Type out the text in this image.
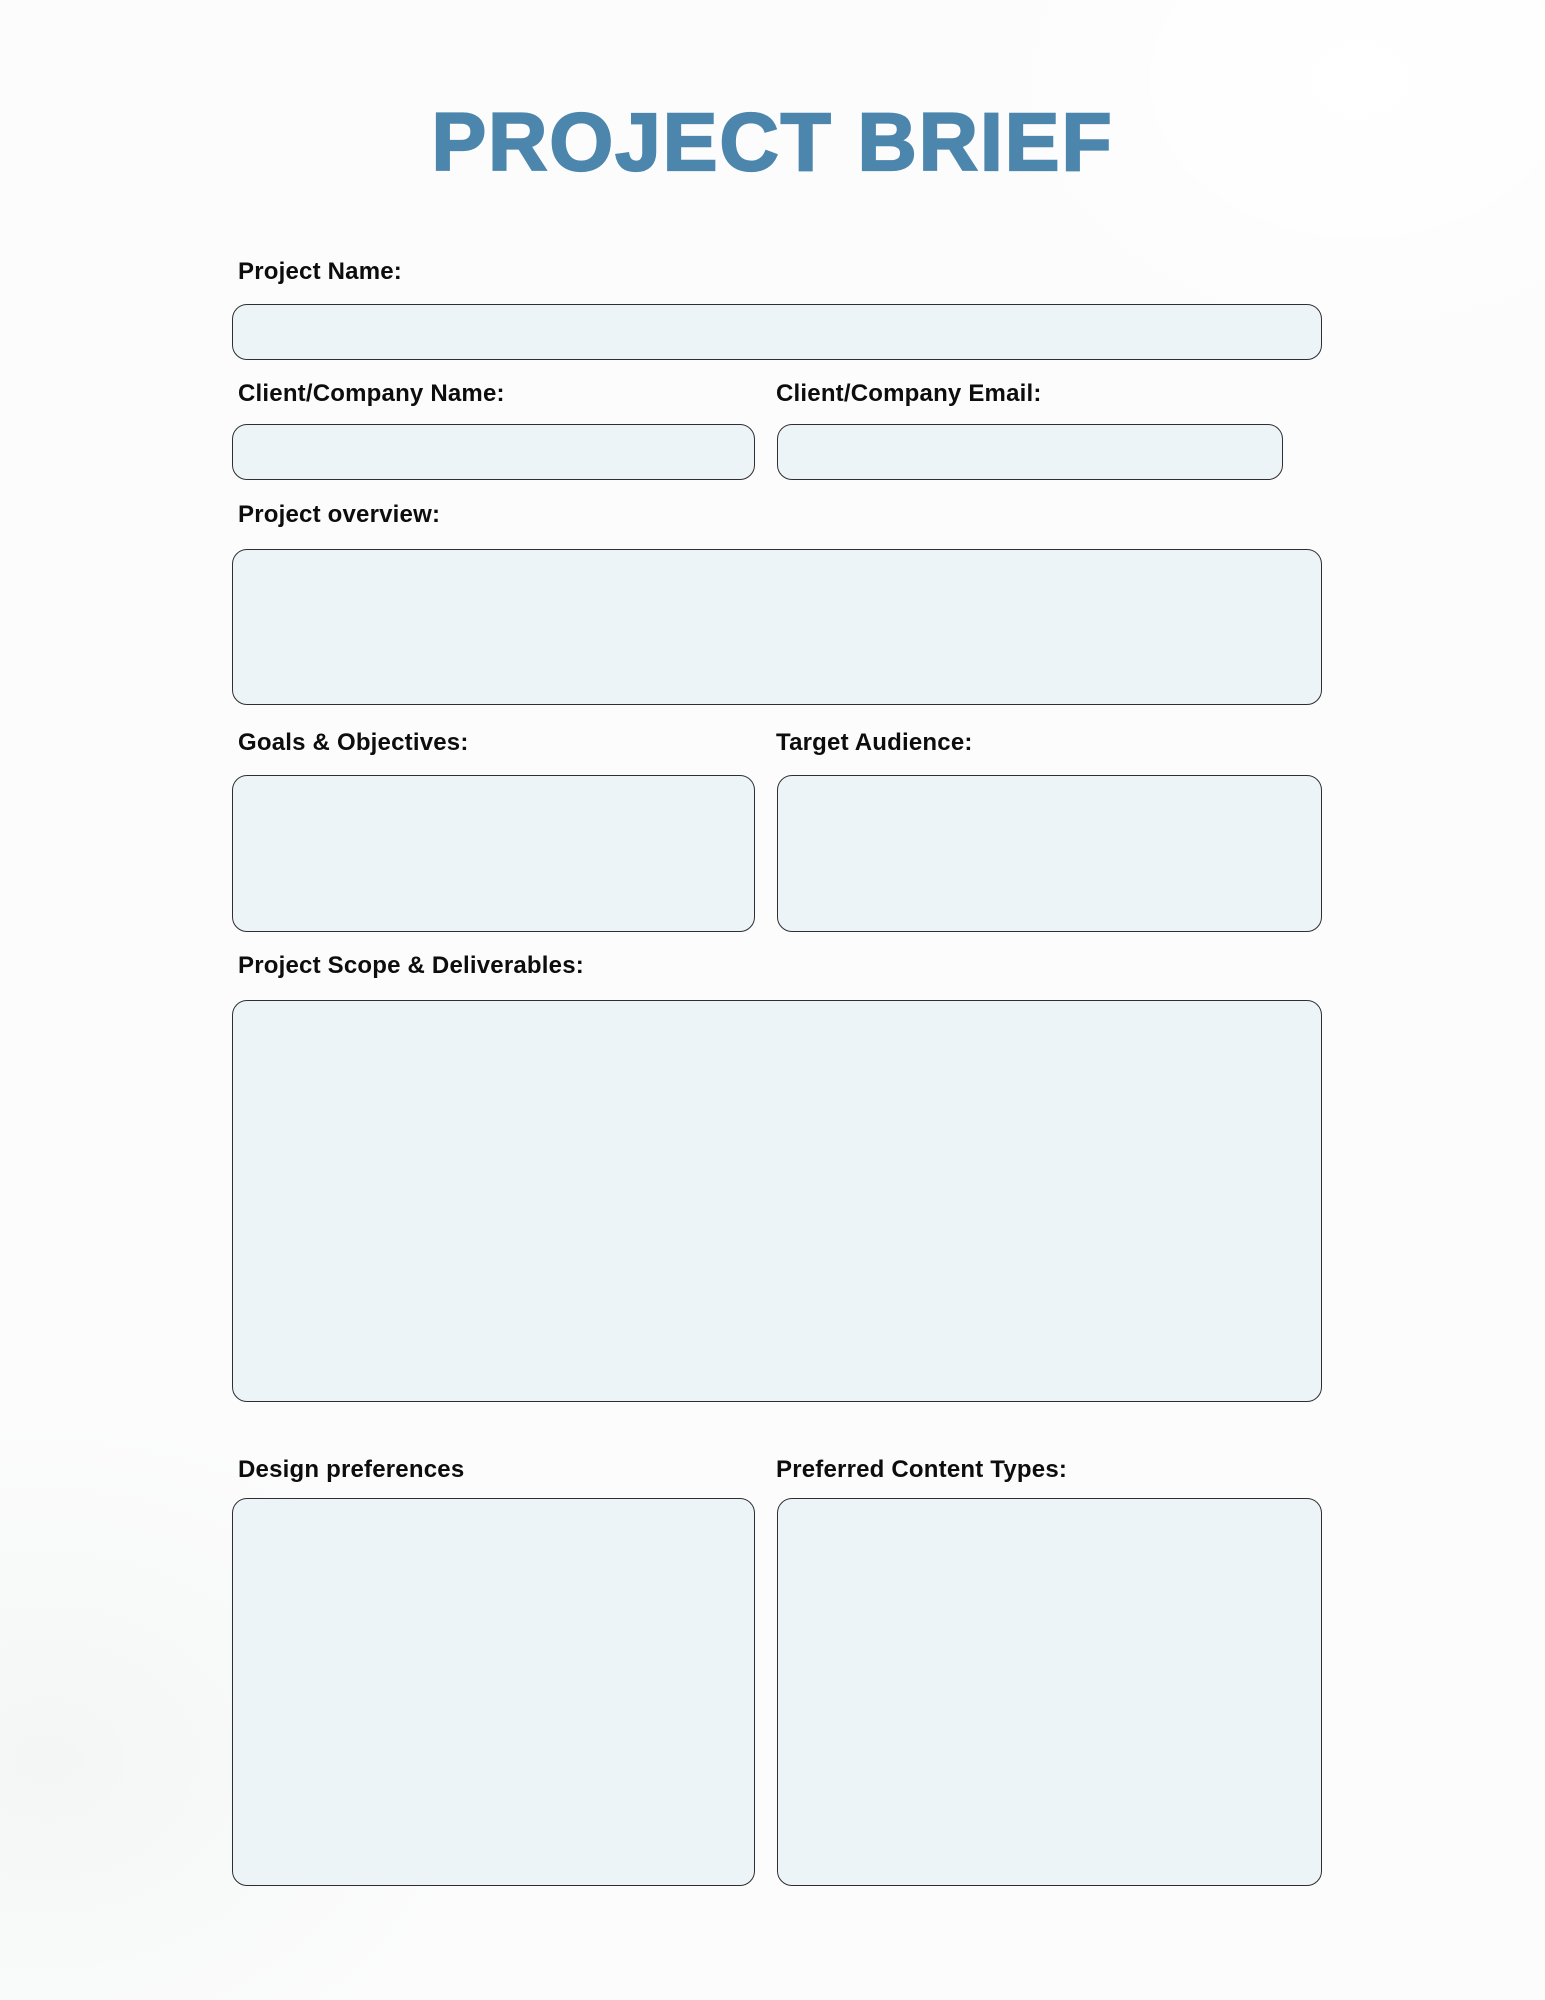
PROJECT BRIEF
Project Name:
Client/Company Name:	Client/Company Email:
Project overview:
Goals & Objectives:	Target Audience:
Project Scope & Deliverables:
Design preferences	Preferred Content Types:
